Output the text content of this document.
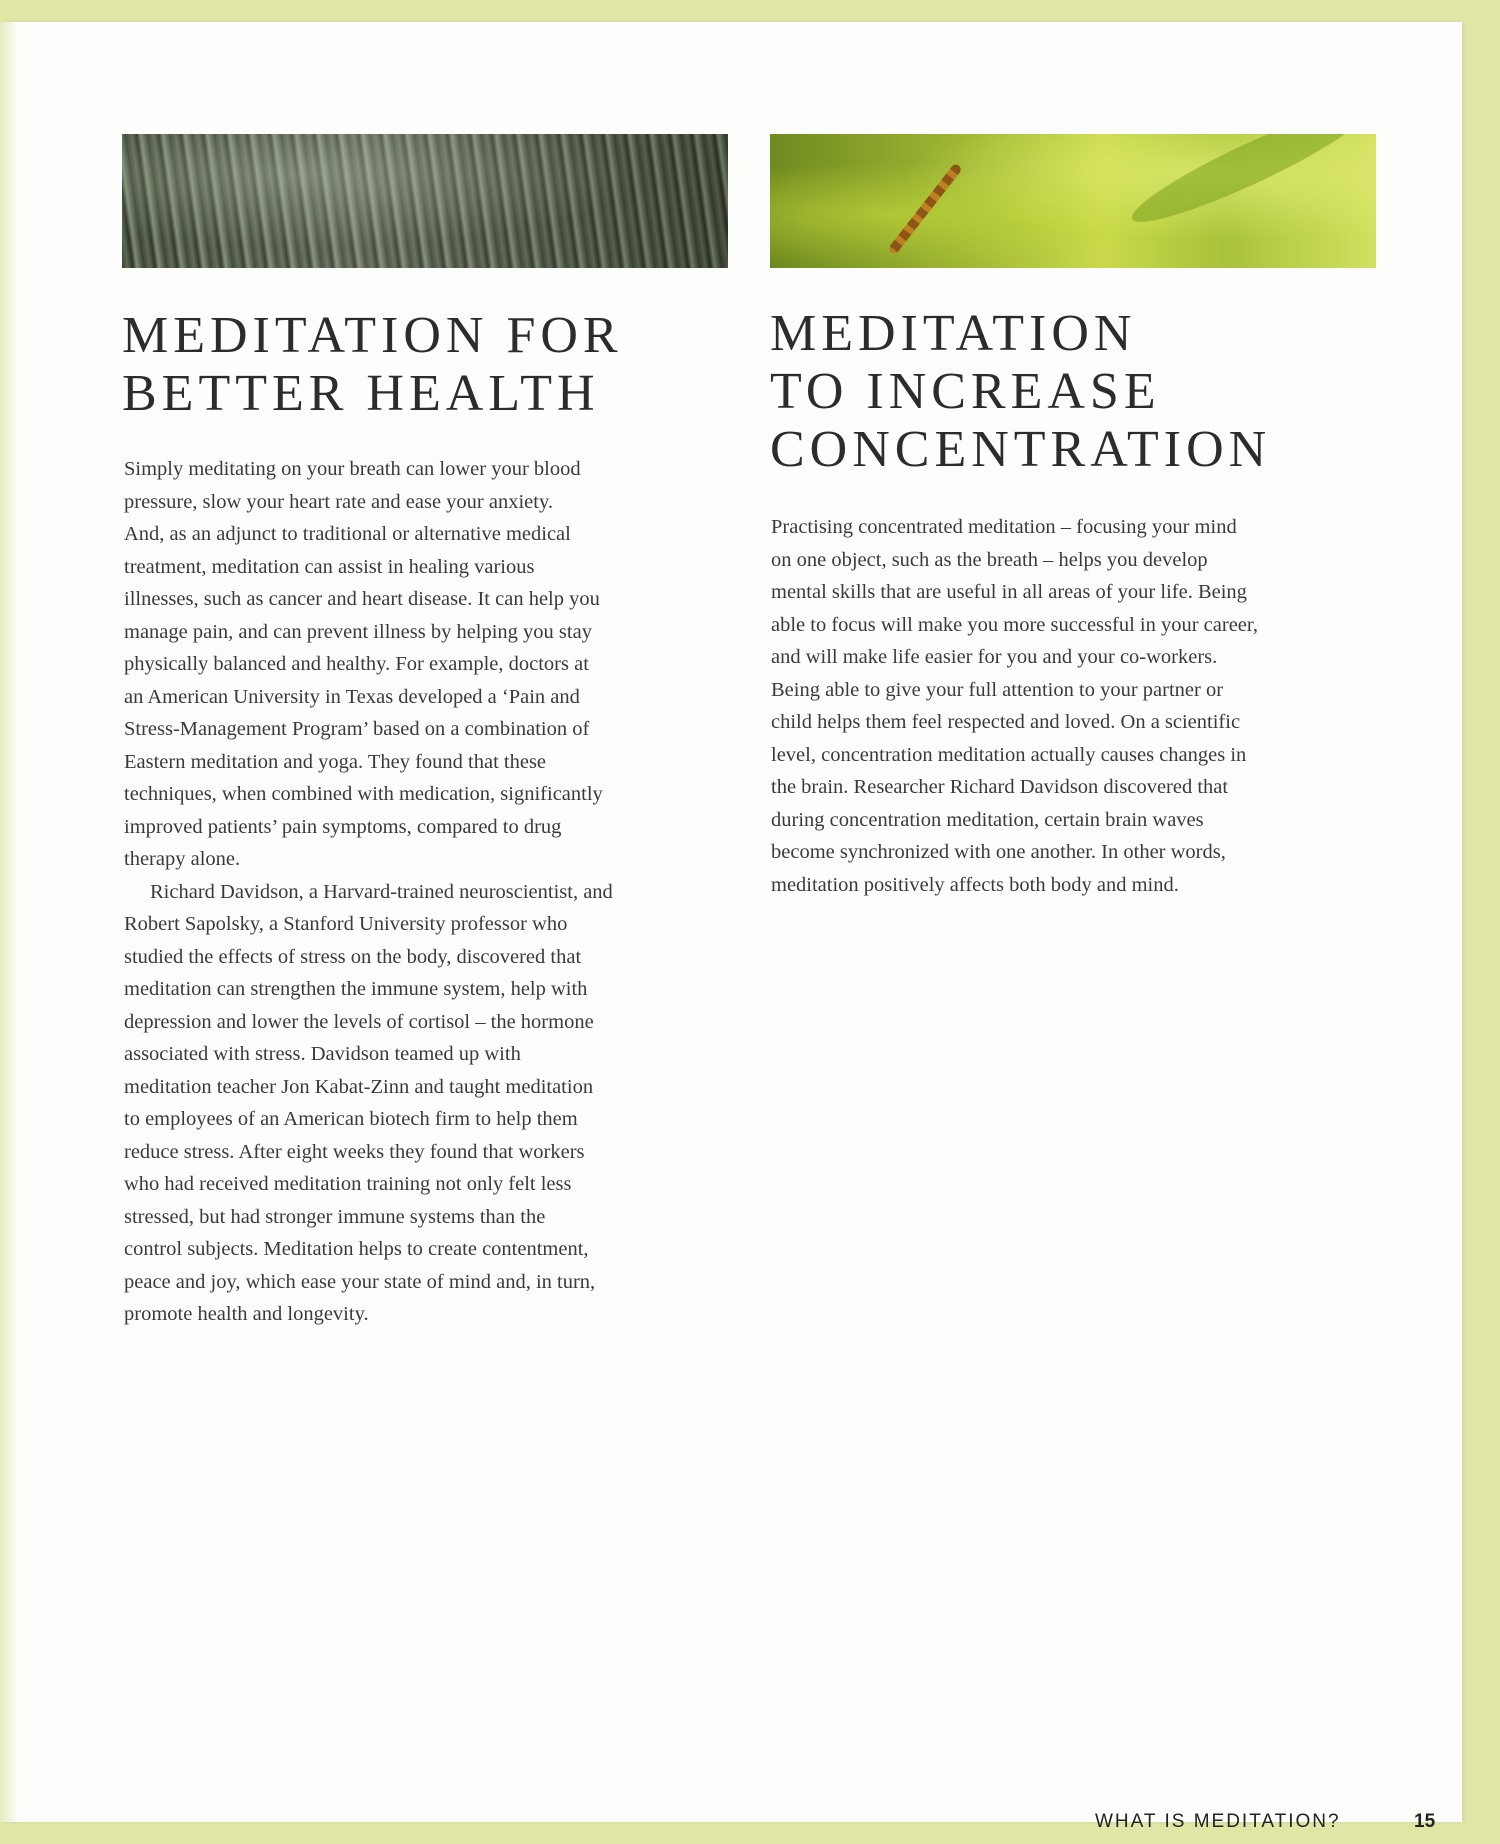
MEDITATION FOR
BETTER HEALTH
MEDITATION
TO INCREASE
CONCENTRATION

Simply meditating on your breath can lower your blood
pressure, slow your heart rate and ease your anxiety.
And, as an adjunct to traditional or alternative medical
treatment, meditation can assist in healing various
illnesses, such as cancer and heart disease. It can help you
manage pain, and can prevent illness by helping you stay
physically balanced and healthy. For example, doctors at
an American University in Texas developed a ‘Pain and
Stress-Management Program’ based on a combination of
Eastern meditation and yoga. They found that these
techniques, when combined with medication, significantly
improved patients’ pain symptoms, compared to drug
therapy alone.

Richard Davidson, a Harvard-trained neuroscientist, and
Robert Sapolsky, a Stanford University professor who
studied the effects of stress on the body, discovered that
meditation can strengthen the immune system, help with
depression and lower the levels of cortisol – the hormone
associated with stress. Davidson teamed up with
meditation teacher Jon Kabat-Zinn and taught meditation
to employees of an American biotech firm to help them
reduce stress. After eight weeks they found that workers
who had received meditation training not only felt less
stressed, but had stronger immune systems than the
control subjects. Meditation helps to create contentment,
peace and joy, which ease your state of mind and, in turn,
promote health and longevity.

Practising concentrated meditation – focusing your mind
on one object, such as the breath – helps you develop
mental skills that are useful in all areas of your life. Being
able to focus will make you more successful in your career,
and will make life easier for you and your co-workers.
Being able to give your full attention to your partner or
child helps them feel respected and loved. On a scientific
level, concentration meditation actually causes changes in
the brain. Researcher Richard Davidson discovered that
during concentration meditation, certain brain waves
become synchronized with one another. In other words,
meditation positively affects both body and mind.

WHAT IS MEDITATION?	15
